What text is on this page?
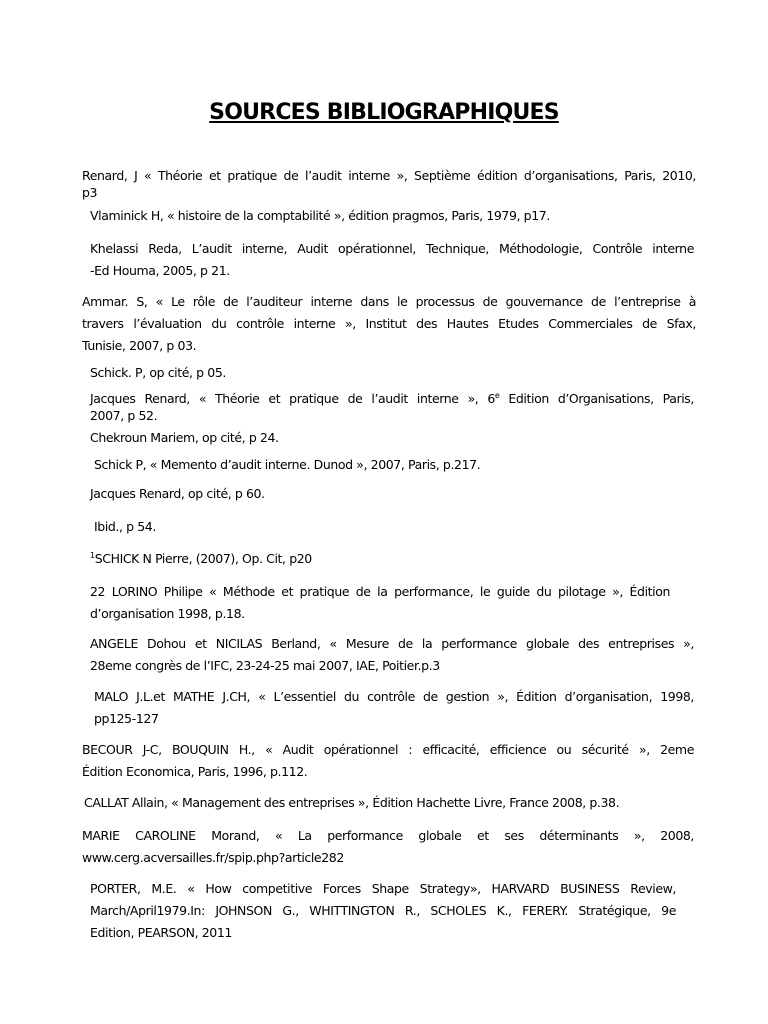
SOURCES BIBLIOGRAPHIQUES
Renard, J « Théorie et pratique de l’audit interne », Septième édition d’organisations, Paris, 2010,
p3
Vlaminick H, « histoire de la comptabilité », édition pragmos, Paris, 1979, p17.
Khelassi Reda, L’audit interne, Audit opérationnel, Technique, Méthodologie, Contrôle interne
-Ed Houma, 2005, p 21.
Ammar. S, « Le rôle de l’auditeur interne dans le processus de gouvernance de l’entreprise à
travers l’évaluation du contrôle interne », Institut des Hautes Etudes Commerciales de Sfax,
Tunisie, 2007, p 03.
Schick. P, op cité, p 05.
Jacques Renard, « Théorie et pratique de l’audit interne », 6e Edition d’Organisations, Paris,
2007, p 52.
Chekroun Mariem, op cité, p 24.
Schick P, « Memento d’audit interne. Dunod », 2007, Paris, p.217.
Jacques Renard, op cité, p 60.
Ibid., p 54.
$^1$SCHICK N Pierre, (2007), Op. Cit, p20
22 LORINO Philipe « Méthode et pratique de la performance, le guide du pilotage », Édition
d’organisation 1998, p.18.
ANGELE Dohou et NICILAS Berland, « Mesure de la performance globale des entreprises »,
28eme congrès de l’IFC, 23-24-25 mai 2007, IAE, Poitier.p.3
MALO J.L.et MATHE J.CH, « L’essentiel du contrôle de gestion », Édition d’organisation, 1998,
pp125-127
BECOUR J-C, BOUQUIN H., « Audit opérationnel : efficacité, efficience ou sécurité », 2eme
Édition Economica, Paris, 1996, p.112.
CALLAT Allain, « Management des entreprises », Édition Hachette Livre, France 2008, p.38.
MARIE CAROLINE Morand, « La performance globale et ses déterminants », 2008,
www.cerg.acversailles.fr/spip.php?article282
PORTER, M.E. « How competitive Forces Shape Strategy», HARVARD BUSINESS Review,
March/April1979.In: JOHNSON G., WHITTINGTON R., SCHOLES K., FERERY. Stratégique, 9e
Edition, PEARSON, 2011
